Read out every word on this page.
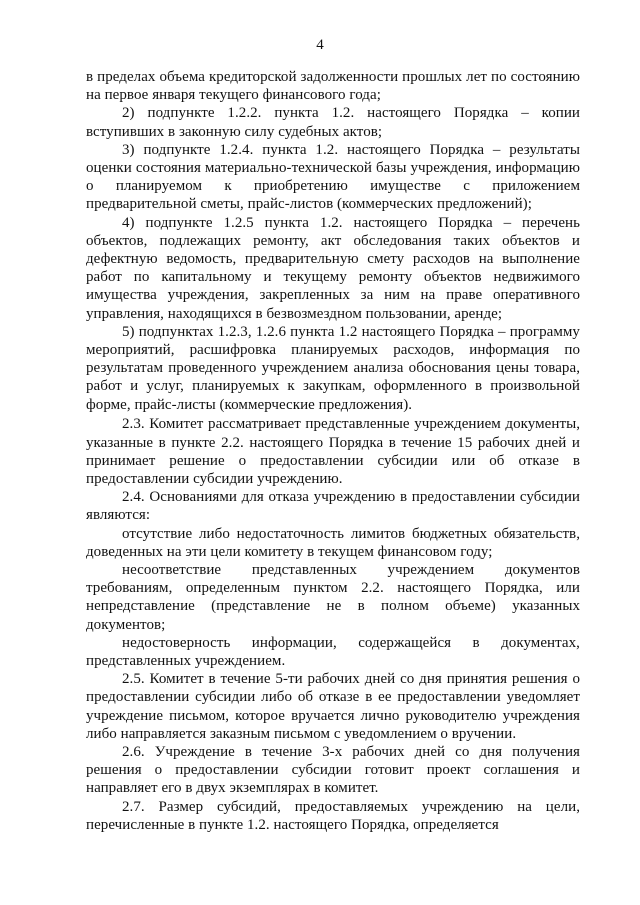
4

в пределах объема кредиторской задолженности прошлых лет по состоянию на первое января текущего финансового года;

2) подпункте 1.2.2. пункта 1.2. настоящего Порядка – копии вступивших в законную силу судебных актов;

3) подпункте 1.2.4. пункта 1.2. настоящего Порядка – результаты оценки состояния материально-технической базы учреждения, информацию о планируемом к приобретению имуществе с приложением предварительной сметы, прайс-листов (коммерческих предложений);

4) подпункте 1.2.5 пункта 1.2. настоящего Порядка – перечень объектов, подлежащих ремонту, акт обследования таких объектов и дефектную ведомость, предварительную смету расходов на выполнение работ по капитальному и текущему ремонту объектов недвижимого имущества учреждения, закрепленных за ним на праве оперативного управления, находящихся в безвозмездном пользовании, аренде;

5) подпунктах 1.2.3, 1.2.6 пункта 1.2 настоящего Порядка – программу мероприятий, расшифровка планируемых расходов, информация по результатам проведенного учреждением анализа обоснования цены товара, работ и услуг, планируемых к закупкам, оформленного в произвольной форме, прайс-листы (коммерческие предложения).

2.3. Комитет рассматривает представленные учреждением документы, указанные в пункте 2.2. настоящего Порядка в течение 15 рабочих дней и принимает решение о предоставлении субсидии или об отказе в предоставлении субсидии учреждению.

2.4. Основаниями для отказа учреждению в предоставлении субсидии являются:

отсутствие либо недостаточность лимитов бюджетных обязательств, доведенных на эти цели комитету в текущем финансовом году;

несоответствие представленных учреждением документов требованиям, определенным пунктом 2.2. настоящего Порядка, или непредставление (представление не в полном объеме) указанных документов;

недостоверность информации, содержащейся в документах, представленных учреждением.

2.5. Комитет в течение 5-ти рабочих дней со дня принятия решения о предоставлении субсидии либо об отказе в ее предоставлении уведомляет учреждение письмом, которое вручается лично руководителю учреждения либо направляется заказным письмом с уведомлением о вручении.

2.6. Учреждение в течение 3-х рабочих дней со дня получения решения о предоставлении субсидии готовит проект соглашения и направляет его в двух экземплярах в комитет.

2.7. Размер субсидий, предоставляемых учреждению на цели, перечисленные в пункте 1.2. настоящего Порядка, определяется
